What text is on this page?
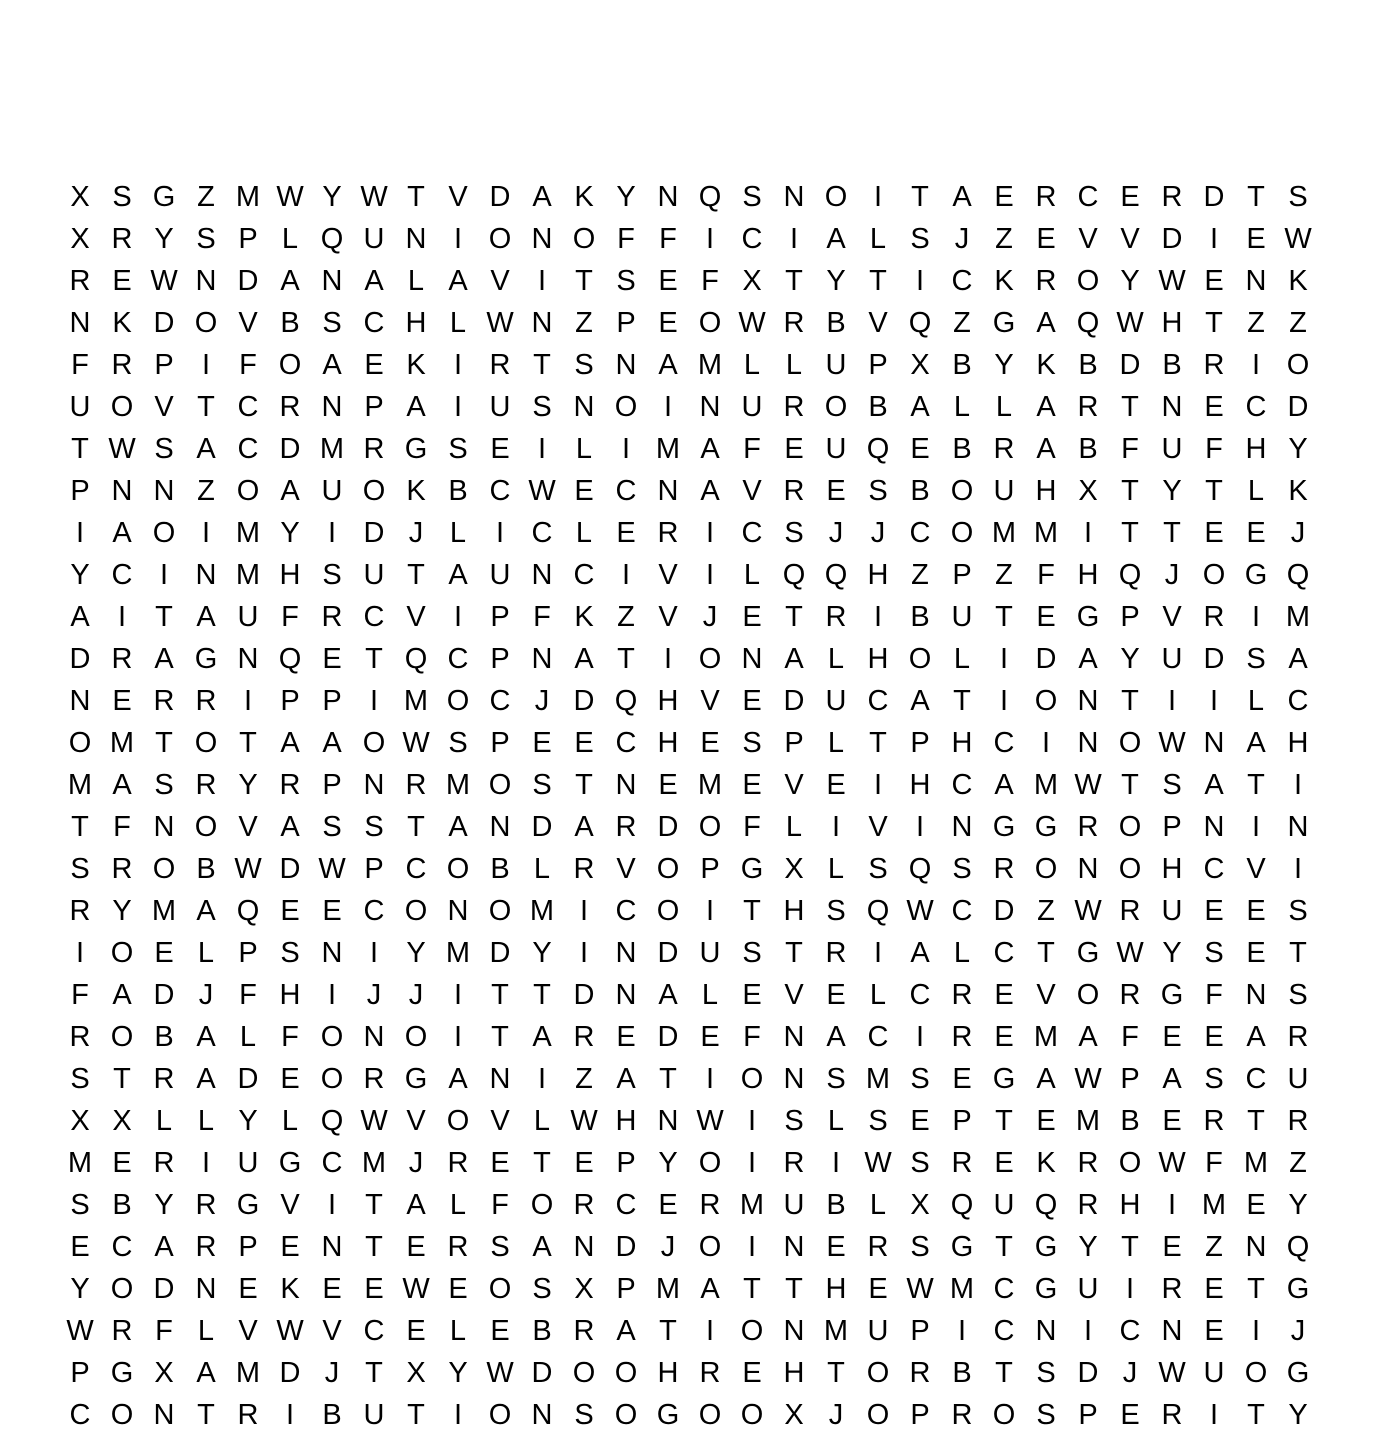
X S G Z M W Y W T V D A K Y N Q S N O I	T A E R C E R D T S
X R Y S P L Q U N I O N O F F	I C I A L S J Z E V V D I E W
R E W N D A N A L A V I	T S E F X T Y T	I C K R O Y W E N K
N K D O V B S C H L W N Z P E O W R B V Q Z G A Q W H T Z Z
F R P I	F O A E K I R T S N A M L L U P X B Y K B D B R I O
U O V T C R N P A I U S N O I N U R O B A L L A R T N E C D
T W S A C D M R G S E I	L	I M A F E U Q E B R A B F U F H Y
P N N Z O A U O K B C W E C N A V R E S B O U H X T Y T L K
I A O I M Y I D J L	I C L E R I C S J J C O M M I	T T E E J
Y C I N M H S U T A U N C I V I	L Q Q H Z P Z F H Q J O G Q
A I	T A U F R C V I P F K Z V J E T R I B U T E G P V R I M
D R A G N Q E T Q C P N A T	I O N A L H O L	I D A Y U D S A
N E R R I P P I M O C J D Q H V E D U C A T	I O N T	I	I	L C
O M T O T A A O W S P E E C H E S P L T P H C I N O W N A H
M A S R Y R P N R M O S T N E M E V E I H C A M W T S A T	I
T F N O V A S S T A N D A R D O F L	I V I N G G R O P N I N
S R O B W D W P C O B L R V O P G X L S Q S R O N O H C V I
R Y M A Q E E C O N O M I C O I	T H S Q W C D Z W R U E E S
I O E L P S N I Y M D Y I N D U S T R I A L C T G W Y S E T
F A D J F H I	J J	I	T T D N A L E V E L C R E V O R G F N S
R O B A L F O N O I	T A R E D E F N A C I R E M A F E E A R
S T R A D E O R G A N I	Z A T	I O N S M S E G A W P A S C U
X X L L Y L Q W V O V L W H N W I S L S E P T E M B E R T R
M E R I U G C M J R E T E P Y O I R I W S R E K R O W F M Z
S B Y R G V I	T A L F O R C E R M U B L X Q U Q R H I M E Y
E C A R P E N T E R S A N D J O I N E R S G T G Y T E Z N Q
Y O D N E K E E W E O S X P M A T T H E W M C G U I R E T G
W R F L V W V C E L E B R A T	I O N M U P I C N I C N E I	J
P G X A M D J T X Y W D O O H R E H T O R B T S D J W U O G
C O N T R I B U T	I O N S O G O O X J O P R O S P E R I	T Y
